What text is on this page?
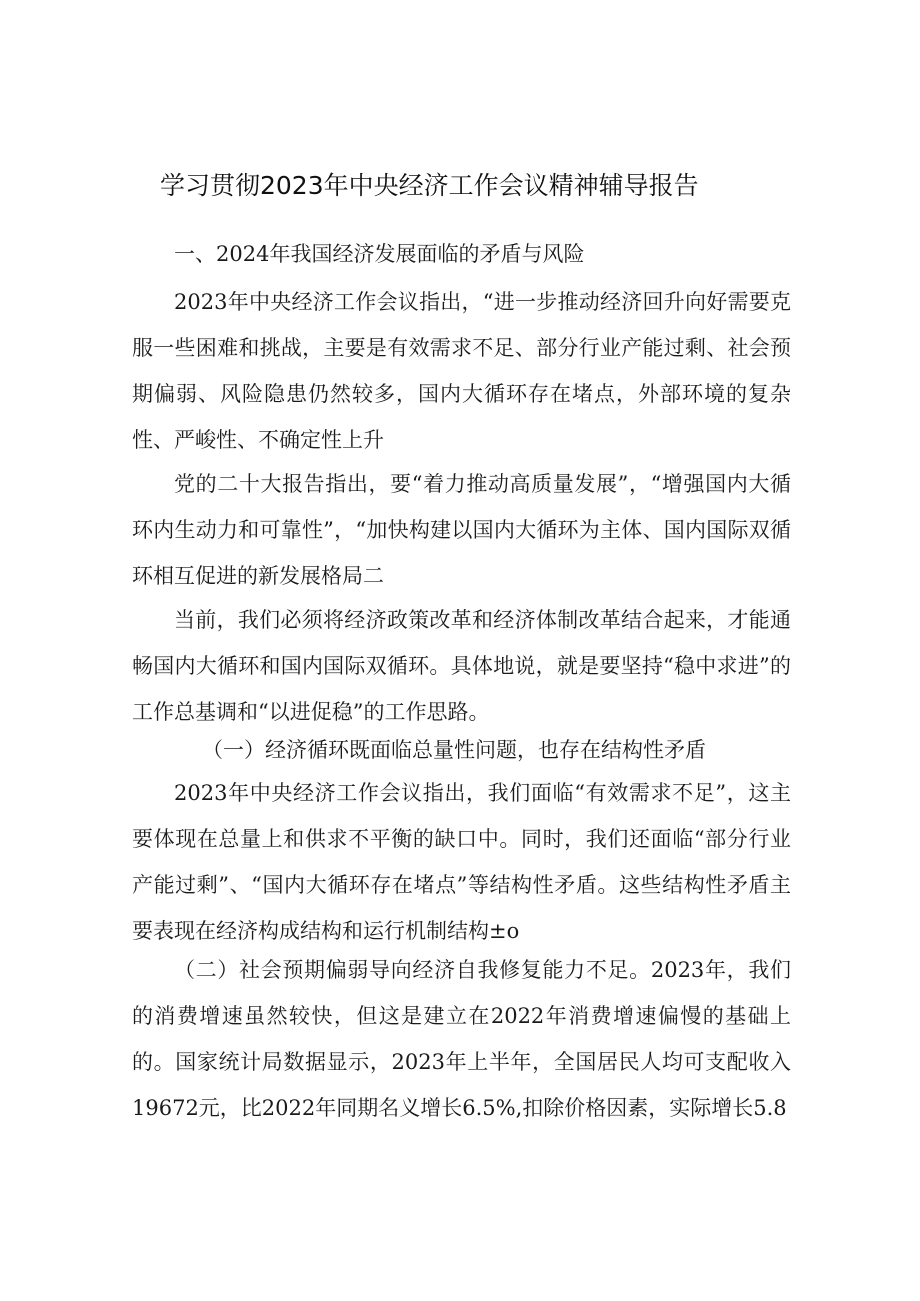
学习贯彻2023年中央经济工作会议精神辅导报告

一、2024年我国经济发展面临的矛盾与风险

2023年中央经济工作会议指出，“进一步推动经济回升向好需要克服一些困难和挑战，主要是有效需求不足、部分行业产能过剩、社会预期偏弱、风险隐患仍然较多，国内大循环存在堵点，外部环境的复杂性、严峻性、不确定性上升

党的二十大报告指出，要“着力推动高质量发展”，“增强国内大循环内生动力和可靠性”，“加快构建以国内大循环为主体、国内国际双循环相互促进的新发展格局二

当前，我们必须将经济政策改革和经济体制改革结合起来，才能通畅国内大循环和国内国际双循环。具体地说，就是要坚持“稳中求进”的工作总基调和“以进促稳”的工作思路。

（一）经济循环既面临总量性问题，也存在结构性矛盾

2023年中央经济工作会议指出，我们面临“有效需求不足”，这主要体现在总量上和供求不平衡的缺口中。同时，我们还面临“部分行业产能过剩”、“国内大循环存在堵点”等结构性矛盾。这些结构性矛盾主要表现在经济构成结构和运行机制结构±o

（二）社会预期偏弱导向经济自我修复能力不足。2023年，我们的消费增速虽然较快，但这是建立在2022年消费增速偏慢的基础上的。国家统计局数据显示，2023年上半年，全国居民人均可支配收入19672元，比2022年同期名义增长6.5%,扣除价格因素，实际增长5.8
